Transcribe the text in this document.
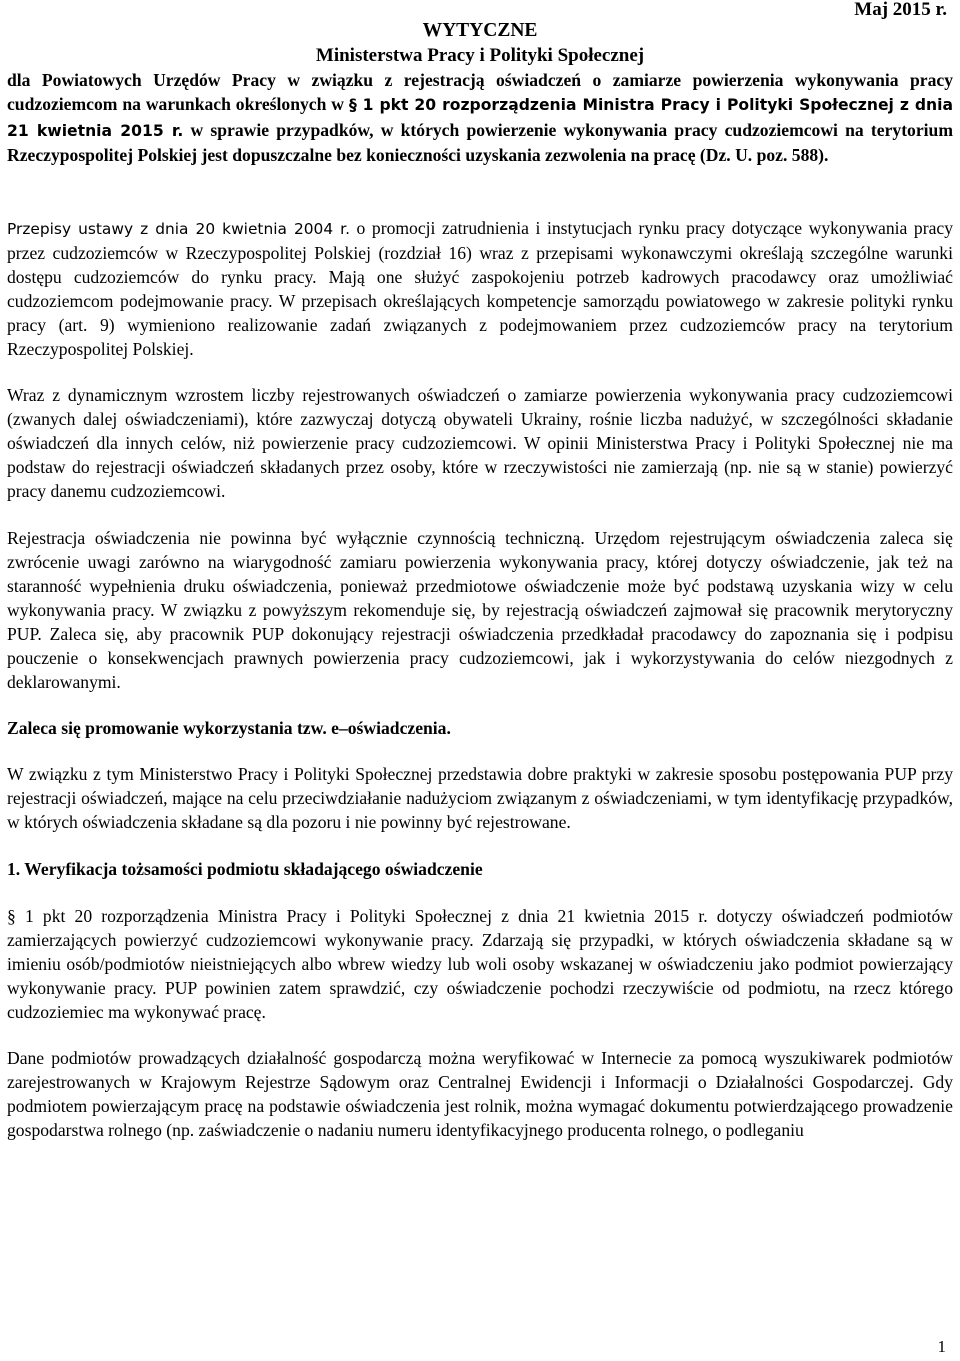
Maj 2015 r.
WYTYCZNE
Ministerstwa Pracy i Polityki Społecznej

dla Powiatowych Urzędów Pracy w związku z rejestracją oświadczeń o zamiarze powierzenia wykonywania pracy cudzoziemcom na warunkach określonych w § 1 pkt 20 rozporządzenia Ministra Pracy i Polityki Społecznej z dnia 21 kwietnia 2015 r. w sprawie przypadków, w których powierzenie wykonywania pracy cudzoziemcowi na terytorium Rzeczypospolitej Polskiej jest dopuszczalne bez konieczności uzyskania zezwolenia na pracę (Dz. U. poz. 588).

Przepisy ustawy z dnia 20 kwietnia 2004 r. o promocji zatrudnienia i instytucjach rynku pracy dotyczące wykonywania pracy przez cudzoziemców w Rzeczypospolitej Polskiej (rozdział 16) wraz z przepisami wykonawczymi określają szczególne warunki dostępu cudzoziemców do rynku pracy. Mają one służyć zaspokojeniu potrzeb kadrowych pracodawcy oraz umożliwiać cudzoziemcom podejmowanie pracy. W przepisach określających kompetencje samorządu powiatowego w zakresie polityki rynku pracy (art. 9) wymieniono realizowanie zadań związanych z podejmowaniem przez cudzoziemców pracy na terytorium Rzeczypospolitej Polskiej.

Wraz z dynamicznym wzrostem liczby rejestrowanych oświadczeń o zamiarze powierzenia wykonywania pracy cudzoziemcowi (zwanych dalej oświadczeniami), które zazwyczaj dotyczą obywateli Ukrainy, rośnie liczba nadużyć, w szczególności składanie oświadczeń dla innych celów, niż powierzenie pracy cudzoziemcowi. W opinii Ministerstwa Pracy i Polityki Społecznej nie ma podstaw do rejestracji oświadczeń składanych przez osoby, które w rzeczywistości nie zamierzają (np. nie są w stanie) powierzyć pracy danemu cudzoziemcowi.

Rejestracja oświadczenia nie powinna być wyłącznie czynnością techniczną. Urzędom rejestrującym oświadczenia zaleca się zwrócenie uwagi zarówno na wiarygodność zamiaru powierzenia wykonywania pracy, której dotyczy oświadczenie, jak też na staranność wypełnienia druku oświadczenia, ponieważ przedmiotowe oświadczenie może być podstawą uzyskania wizy w celu wykonywania pracy. W związku z powyższym rekomenduje się, by rejestracją oświadczeń zajmował się pracownik merytoryczny PUP. Zaleca się, aby pracownik PUP dokonujący rejestracji oświadczenia przedkładał pracodawcy do zapoznania się i podpisu pouczenie o konsekwencjach prawnych powierzenia pracy cudzoziemcowi, jak i wykorzystywania do celów niezgodnych z deklarowanymi.

Zaleca się promowanie wykorzystania tzw. e–oświadczenia.

W związku z tym Ministerstwo Pracy i Polityki Społecznej przedstawia dobre praktyki w zakresie sposobu postępowania PUP przy rejestracji oświadczeń, mające na celu przeciwdziałanie nadużyciom związanym z oświadczeniami, w tym identyfikację przypadków, w których oświadczenia składane są dla pozoru i nie powinny być rejestrowane.

1. Weryfikacja tożsamości podmiotu składającego oświadczenie

§ 1 pkt 20 rozporządzenia Ministra Pracy i Polityki Społecznej z dnia 21 kwietnia 2015 r. dotyczy oświadczeń podmiotów zamierzających powierzyć cudzoziemcowi wykonywanie pracy. Zdarzają się przypadki, w których oświadczenia składane są w imieniu osób/podmiotów nieistniejących albo wbrew wiedzy lub woli osoby wskazanej w oświadczeniu jako podmiot powierzający wykonywanie pracy. PUP powinien zatem sprawdzić, czy oświadczenie pochodzi rzeczywiście od podmiotu, na rzecz którego cudzoziemiec ma wykonywać pracę.

Dane podmiotów prowadzących działalność gospodarczą można weryfikować w Internecie za pomocą wyszukiwarek podmiotów zarejestrowanych w Krajowym Rejestrze Sądowym oraz Centralnej Ewidencji i Informacji o Działalności Gospodarczej. Gdy podmiotem powierzającym pracę na podstawie oświadczenia jest rolnik, można wymagać dokumentu potwierdzającego prowadzenie gospodarstwa rolnego (np. zaświadczenie o nadaniu numeru identyfikacyjnego producenta rolnego, o podleganiu

1
